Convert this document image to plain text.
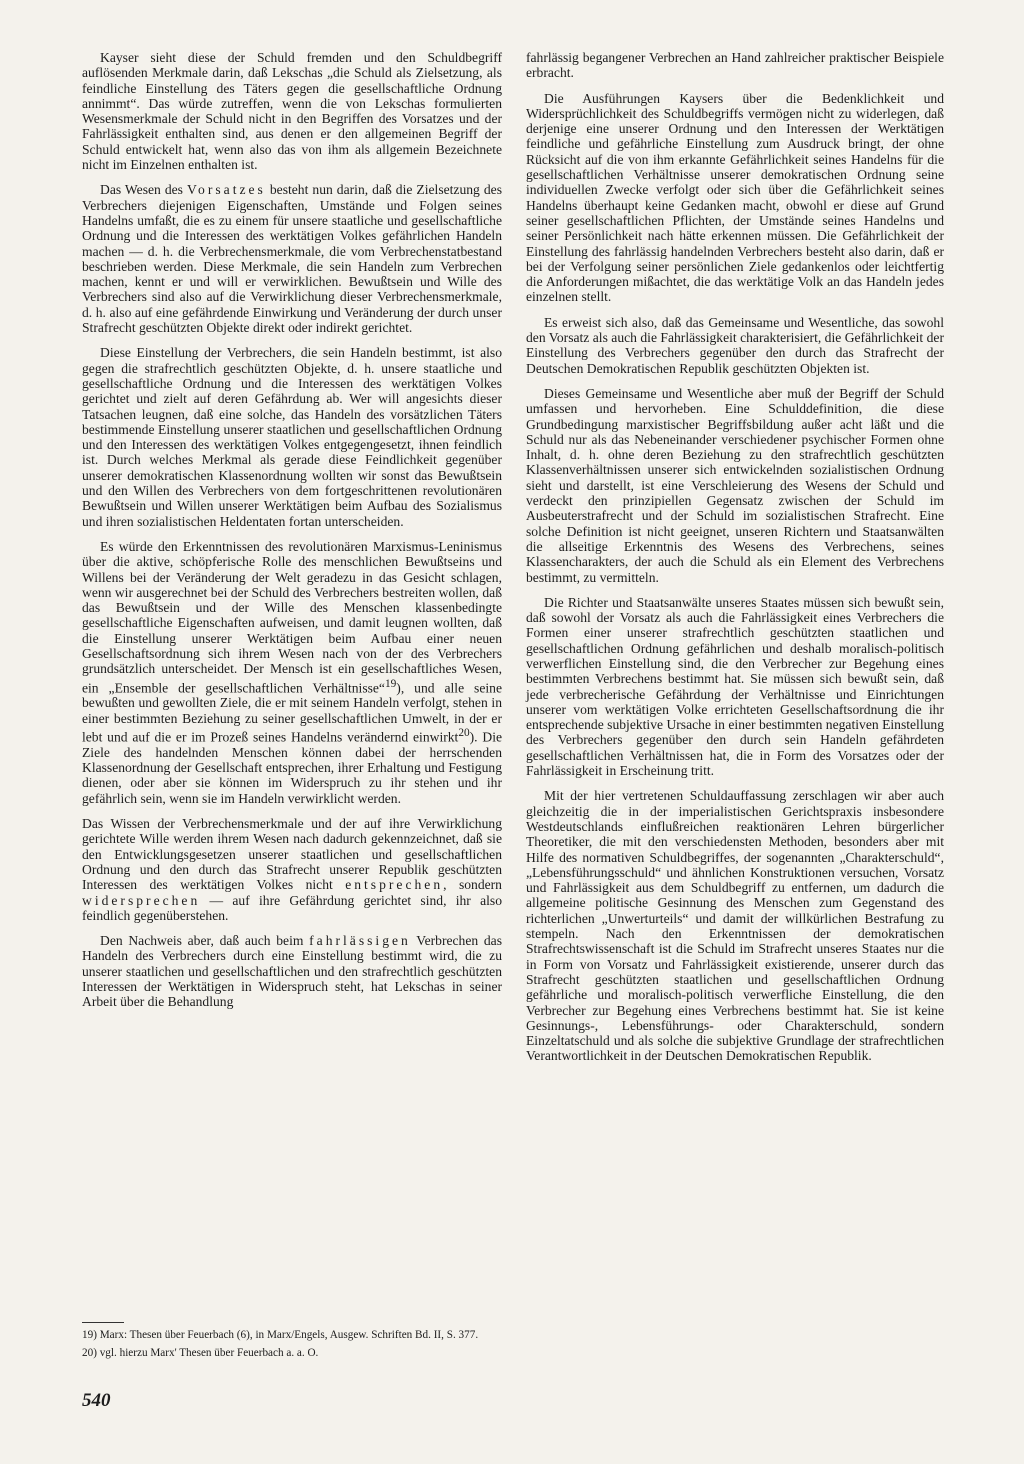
Kayser sieht diese der Schuld fremden und den Schuldbegriff auflösenden Merkmale darin, daß Lekschas „die Schuld als Zielsetzung, als feindliche Einstellung des Täters gegen die gesellschaftliche Ordnung annimmt“. Das würde zutreffen, wenn die von Lekschas formulierten Wesensmerkmale der Schuld nicht in den Begriffen des Vorsatzes und der Fahrlässigkeit enthalten sind, aus denen er den allgemeinen Begriff der Schuld entwickelt hat, wenn also das von ihm als allgemein Bezeichnete nicht im Einzelnen enthalten ist.

Das Wesen des Vorsatzes besteht nun darin, daß die Zielsetzung des Verbrechers diejenigen Eigenschaften, Umstände und Folgen seines Handelns umfaßt, die es zu einem für unsere staatliche und gesellschaftliche Ordnung und die Interessen des werktätigen Volkes gefährlichen Handeln machen — d. h. die Verbrechensmerkmale, die vom Verbrechenstatbestand beschrieben werden. Diese Merkmale, die sein Handeln zum Verbrechen machen, kennt er und will er verwirklichen. Bewußtsein und Wille des Verbrechers sind also auf die Verwirklichung dieser Verbrechensmerkmale, d. h. also auf eine gefährdende Einwirkung und Veränderung der durch unser Strafrecht geschützten Objekte direkt oder indirekt gerichtet.

Diese Einstellung der Verbrechers, die sein Handeln bestimmt, ist also gegen die strafrechtlich geschützten Objekte, d. h. unsere staatliche und gesellschaftliche Ordnung und die Interessen des werktätigen Volkes gerichtet und zielt auf deren Gefährdung ab. Wer will angesichts dieser Tatsachen leugnen, daß eine solche, das Handeln des vorsätzlichen Täters bestimmende Einstellung unserer staatlichen und gesellschaftlichen Ordnung und den Interessen des werktätigen Volkes entgegengesetzt, ihnen feindlich ist. Durch welches Merkmal als gerade diese Feindlichkeit gegenüber unserer demokratischen Klassenordnung wollten wir sonst das Bewußtsein und den Willen des Verbrechers von dem fortgeschrittenen revolutionären Bewußtsein und Willen unserer Werktätigen beim Aufbau des Sozialismus und ihren sozialistischen Heldentaten fortan unterscheiden.

Es würde den Erkenntnissen des revolutionären Marxismus-Leninismus über die aktive, schöpferische Rolle des menschlichen Bewußtseins und Willens bei der Veränderung der Welt geradezu in das Gesicht schlagen, wenn wir ausgerechnet bei der Schuld des Verbrechers bestreiten wollen, daß das Bewußtsein und der Wille des Menschen klassenbedingte gesellschaftliche Eigenschaften aufweisen, und damit leugnen wollten, daß die Einstellung unserer Werktätigen beim Aufbau einer neuen Gesellschaftsordnung sich ihrem Wesen nach von der des Verbrechers grundsätzlich unterscheidet. Der Mensch ist ein gesellschaftliches Wesen, ein „Ensemble der gesellschaftlichen Verhältnisse“$^{19}$), und alle seine bewußten und gewollten Ziele, die er mit seinem Handeln verfolgt, stehen in einer bestimmten Beziehung zu seiner gesellschaftlichen Umwelt, in der er lebt und auf die er im Prozeß seines Handelns verändernd einwirkt$^{20}$). Die Ziele des handelnden Menschen können dabei der herrschenden Klassenordnung der Gesellschaft entsprechen, ihrer Erhaltung und Festigung dienen, oder aber sie können im Widerspruch zu ihr stehen und ihr gefährlich sein, wenn sie im Handeln verwirklicht werden.

Das Wissen der Verbrechensmerkmale und der auf ihre Verwirklichung gerichtete Wille werden ihrem Wesen nach dadurch gekennzeichnet, daß sie den Entwicklungsgesetzen unserer staatlichen und gesellschaftlichen Ordnung und den durch das Strafrecht unserer Republik geschützten Interessen des werktätigen Volkes nicht entsprechen, sondern widersprechen — auf ihre Gefährdung gerichtet sind, ihr also feindlich gegenüberstehen.

Den Nachweis aber, daß auch beim fahrlässigen Verbrechen das Handeln des Verbrechers durch eine Einstellung bestimmt wird, die zu unserer staatlichen und gesellschaftlichen und den strafrechtlich geschützten Interessen der Werktätigen in Widerspruch steht, hat Lekschas in seiner Arbeit über die Behandlung

fahrlässig begangener Verbrechen an Hand zahlreicher praktischer Beispiele erbracht.

Die Ausführungen Kaysers über die Bedenklichkeit und Widersprüchlichkeit des Schuldbegriffs vermögen nicht zu widerlegen, daß derjenige eine unserer Ordnung und den Interessen der Werktätigen feindliche und gefährliche Einstellung zum Ausdruck bringt, der ohne Rücksicht auf die von ihm erkannte Gefährlichkeit seines Handelns für die gesellschaftlichen Verhältnisse unserer demokratischen Ordnung seine individuellen Zwecke verfolgt oder sich über die Gefährlichkeit seines Handelns überhaupt keine Gedanken macht, obwohl er diese auf Grund seiner gesellschaftlichen Pflichten, der Umstände seines Handelns und seiner Persönlichkeit nach hätte erkennen müssen. Die Gefährlichkeit der Einstellung des fahrlässig handelnden Verbrechers besteht also darin, daß er bei der Verfolgung seiner persönlichen Ziele gedankenlos oder leichtfertig die Anforderungen mißachtet, die das werktätige Volk an das Handeln jedes einzelnen stellt.

Es erweist sich also, daß das Gemeinsame und Wesentliche, das sowohl den Vorsatz als auch die Fahrlässigkeit charakterisiert, die Gefährlichkeit der Einstellung des Verbrechers gegenüber den durch das Strafrecht der Deutschen Demokratischen Republik geschützten Objekten ist.

Dieses Gemeinsame und Wesentliche aber muß der Begriff der Schuld umfassen und hervorheben. Eine Schulddefinition, die diese Grundbedingung marxistischer Begriffsbildung außer acht läßt und die Schuld nur als das Nebeneinander verschiedener psychischer Formen ohne Inhalt, d. h. ohne deren Beziehung zu den strafrechtlich geschützten Klassenverhältnissen unserer sich entwickelnden sozialistischen Ordnung sieht und darstellt, ist eine Verschleierung des Wesens der Schuld und verdeckt den prinzipiellen Gegensatz zwischen der Schuld im Ausbeuterstrafrecht und der Schuld im sozialistischen Strafrecht. Eine solche Definition ist nicht geeignet, unseren Richtern und Staatsanwälten die allseitige Erkenntnis des Wesens des Verbrechens, seines Klassencharakters, der auch die Schuld als ein Element des Verbrechens bestimmt, zu vermitteln.

Die Richter und Staatsanwälte unseres Staates müssen sich bewußt sein, daß sowohl der Vorsatz als auch die Fahrlässigkeit eines Verbrechers die Formen einer unserer strafrechtlich geschützten staatlichen und gesellschaftlichen Ordnung gefährlichen und deshalb moralisch-politisch verwerflichen Einstellung sind, die den Verbrecher zur Begehung eines bestimmten Verbrechens bestimmt hat. Sie müssen sich bewußt sein, daß jede verbrecherische Gefährdung der Verhältnisse und Einrichtungen unserer vom werktätigen Volke errichteten Gesellschaftsordnung die ihr entsprechende subjektive Ursache in einer bestimmten negativen Einstellung des Verbrechers gegenüber den durch sein Handeln gefährdeten gesellschaftlichen Verhältnissen hat, die in Form des Vorsatzes oder der Fahrlässigkeit in Erscheinung tritt.

Mit der hier vertretenen Schuldauffassung zerschlagen wir aber auch gleichzeitig die in der imperialistischen Gerichtspraxis insbesondere Westdeutschlands einflußreichen reaktionären Lehren bürgerlicher Theoretiker, die mit den verschiedensten Methoden, besonders aber mit Hilfe des normativen Schuldbegriffes, der sogenannten „Charakterschuld“, „Lebensführungsschuld“ und ähnlichen Konstruktionen versuchen, Vorsatz und Fahrlässigkeit aus dem Schuldbegriff zu entfernen, um dadurch die allgemeine politische Gesinnung des Menschen zum Gegenstand des richterlichen „Unwerturteils“ und damit der willkürlichen Bestrafung zu stempeln. Nach den Erkenntnissen der demokratischen Strafrechtswissenschaft ist die Schuld im Strafrecht unseres Staates nur die in Form von Vorsatz und Fahrlässigkeit existierende, unserer durch das Strafrecht geschützten staatlichen und gesellschaftlichen Ordnung gefährliche und moralisch-politisch verwerfliche Einstellung, die den Verbrecher zur Begehung eines Verbrechens bestimmt hat. Sie ist keine Gesinnungs-, Lebensführungs- oder Charakterschuld, sondern Einzeltatschuld und als solche die subjektive Grundlage der strafrechtlichen Verantwortlichkeit in der Deutschen Demokratischen Republik.

19) Marx: Thesen über Feuerbach (6), in Marx/Engels, Ausgew. Schriften Bd. II, S. 377.

20) vgl. hierzu Marx' Thesen über Feuerbach a. a. O.

540
